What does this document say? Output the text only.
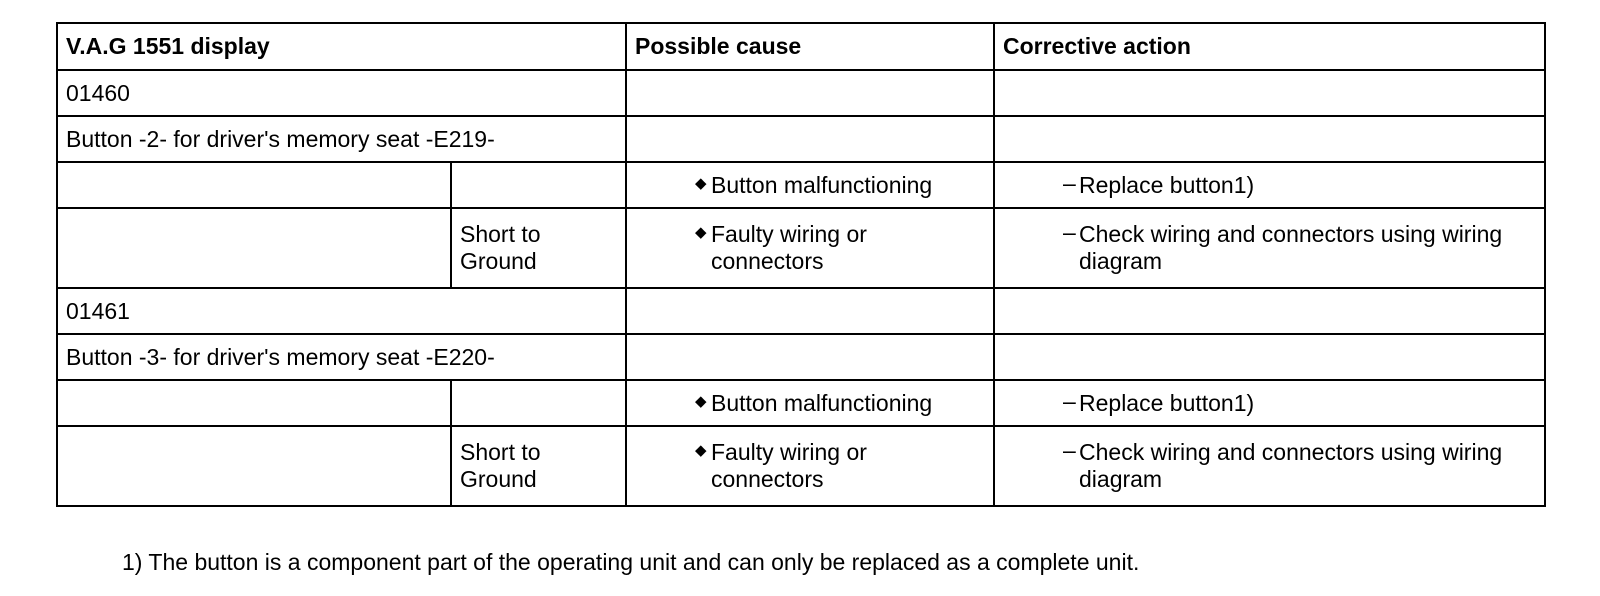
V.A.G 1551 display		Possible cause	Corrective action
01460			
Button -2- for driver's memory seat -E219-			

		◆ Button malfunctioning	– Replace button1)

	Short to Ground	◆ Faulty wiring or connectors	– Check wiring and connectors using wiring diagram

01461			
Button -3- for driver's memory seat -E220-			

		◆ Button malfunctioning	– Replace button1)

	Short to Ground	◆ Faulty wiring or connectors	– Check wiring and connectors using wiring diagram
1) The button is a component part of the operating unit and can only be replaced as a complete unit.
